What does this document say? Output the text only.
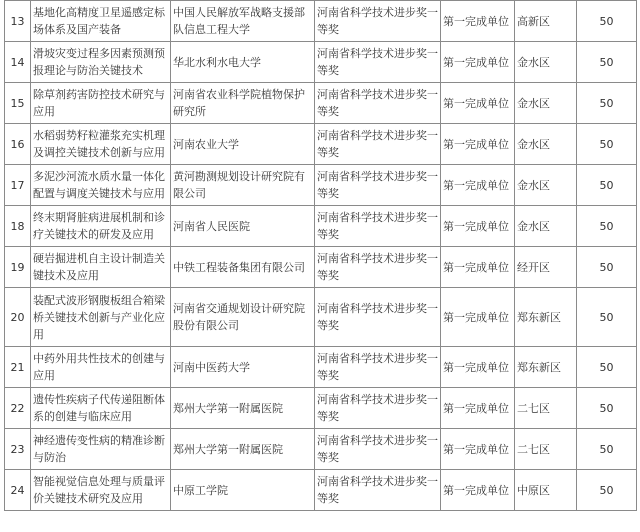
13	基地化高精度卫星遥感定标场体系及国产装备	中国人民解放军战略支援部队信息工程大学	河南省科学技术进步奖一等奖	第一完成单位	高新区	50
14	滑坡灾变过程多因素预测预报理论与防治关键技术	华北水利水电大学	河南省科学技术进步奖一等奖	第一完成单位	金水区	50
15	除草剂药害防控技术研究与应用	河南省农业科学院植物保护研究所	河南省科学技术进步奖一等奖	第一完成单位	金水区	50
16	水稻弱势籽粒灌浆充实机理及调控关键技术创新与应用	河南农业大学	河南省科学技术进步奖一等奖	第一完成单位	金水区	50
17	多泥沙河流水质水量一体化配置与调度关键技术与应用	黄河勘测规划设计研究院有限公司	河南省科学技术进步奖一等奖	第一完成单位	金水区	50
18	终末期肾脏病进展机制和诊疗关键技术的研发及应用	河南省人民医院	河南省科学技术进步奖一等奖	第一完成单位	金水区	50
19	硬岩掘进机自主设计制造关键技术及应用	中铁工程装备集团有限公司	河南省科学技术进步奖一等奖	第一完成单位	经开区	50
20	装配式波形钢腹板组合箱梁桥关键技术创新与产业化应用	河南省交通规划设计研究院股份有限公司	河南省科学技术进步奖一等奖	第一完成单位	郑东新区	50
21	中药外用共性技术的创建与应用	河南中医药大学	河南省科学技术进步奖一等奖	第一完成单位	郑东新区	50
22	遗传性疾病子代传递阻断体系的创建与临床应用	郑州大学第一附属医院	河南省科学技术进步奖一等奖	第一完成单位	二七区	50
23	神经遗传变性病的精准诊断与防治	郑州大学第一附属医院	河南省科学技术进步奖一等奖	第一完成单位	二七区	50
24	智能视觉信息处理与质量评价关键技术研究及应用	中原工学院	河南省科学技术进步奖一等奖	第一完成单位	中原区	50
